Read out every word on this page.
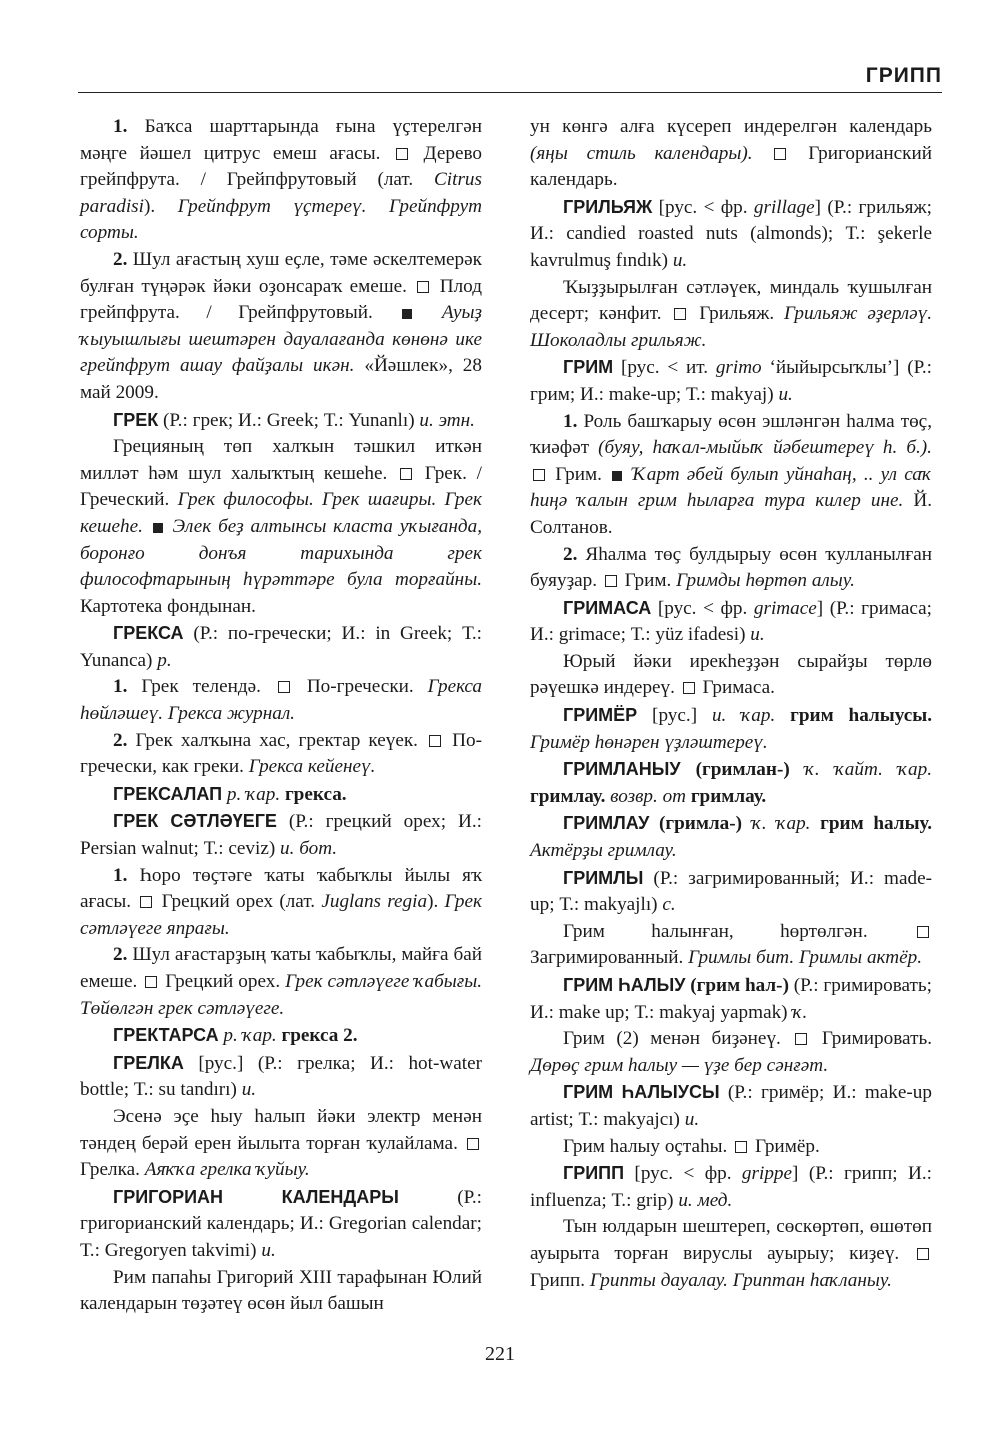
ГРИПП

1. Баҡса шарттарында ғына үҫтерелгән мәңге йәшел цитрус емеш ағасы.  Дерево грейпфрута. / Грейпфрутовый (лат. Citrus paradisi). Грейпфрут үҫтереү. Грейпфрут сорты.

2. Шул ағастың хуш еҫле, тәме әскелтемерәк булған түңәрәк йәки оҙонсараҡ емеше.  Плод грейпфрута. / Грейпфрутовый.  Ауыҙ ҡыуышлығы шештәрен дауалағанда көнөнә ике грейпфрут ашау файҙалы икән. «Йәшлек», 28 май 2009.

ГРЕК (Р.: грек; И.: Greek; Т.: Yunanlı) и. этн.

Грецияның төп халҡын тәшкил иткән милләт һәм шул халыҡтың кешеһе.  Грек. / Греческий. Грек философы. Грек шағиры. Грек кешеһе. Элек беҙ алтынсы класта уҡығанда, боронғо донъя тарихында грек философтарының һүрәттәре була торғайны. Картотека фондынан.

ГРЕКСА (Р.: по-гречески; И.: in Greek; Т.: Yunanca) р.

1. Грек телендә.  По-гречески. Грекса һөйләшеү. Грекса журнал.

2. Грек халҡына хас, гректар кеүек.  По-гречески, как греки. Грекса кейенеү.

ГРЕКСАЛАП р. ҡар. грекса.

ГРЕК СӘТЛӘҮЕГЕ (Р.: грецкий орех; И.: Persian walnut; Т.: ceviz) и. бот.

1. Һоро төҫтәге ҡаты ҡабыҡлы йылы яҡ ағасы.  Грецкий орех (лат. Juglans regia). Грек сәтләүеге япрағы.

2. Шул ағастарҙың ҡаты ҡабыҡлы, майға бай емеше.  Грецкий орех. Грек сәтләүеге ҡабығы. Төйөлгән грек сәтләүеге.

ГРЕКТАРСА р. ҡар. грекса 2.

ГРЕЛКА [рус.] (Р.: грелка; И.: hot-water bottle; Т.: su tandırı) и.

Эсенә эҫе һыу һалып йәки электр менән тәндең берәй ерен йылыта торған ҡулайлама.  Грелка. Аяҡҡа грелка ҡуйыу.

ГРИГОРИАН КАЛЕНДАРЫ (Р.: григорианский календарь; И.: Gregorian calendar; Т.: Gregoryen takvimi) и.

Рим папаһы Григорий XIII тарафынан Юлий календарын төҙәтеү өсөн йыл башын

ун көнгә алға күсереп индерелгән календарь (яңы стиль календары).  Григорианский календарь.

ГРИЛЬЯЖ [рус. < фр. grillage] (Р.: грильяж; И.: candied roasted nuts (almonds); Т.: şekerle kavrulmuş fındık) и.

Ҡыҙҙырылған сәтләүек, миндаль ҡушылған десерт; кәнфит.  Грильяж. Грильяж әҙерләү. Шоколадлы грильяж.

ГРИМ [рус. < ит. grimo ‘йыйырсыҡлы’] (Р.: грим; И.: make-up; Т.: makyaj) и.

1. Роль башҡарыу өсөн эшләнгән һалма төҫ, ҡиәфәт (буяу, һаҡал-мыйыҡ йәбештереү һ. б.).  Грим.  Ҡарт әбей булып уйнаһаң, .. ул саҡ һиңә ҡалын грим һыларға тура килер ине. Й. Солтанов.

2. Яһалма төҫ булдырыу өсөн ҡулланылған буяуҙар.  Грим. Гримды һөртөп алыу.

ГРИМАСА [рус. < фр. grimace] (Р.: гримаса; И.: grimace; Т.: yüz ifadesi) и.

Юрый йәки ирекһеҙҙән сырайҙы төрлө рәүешкә индереү.  Гримаса.

ГРИМЁР [рус.] и. ҡар. грим һалыусы. Гримёр һөнәрен үҙләштереү.

ГРИМЛАНЫУ (гримлан-) ҡ. ҡайт. ҡар. гримлау. возвр. от гримлау.

ГРИМЛАУ (гримла-) ҡ. ҡар. грим һалыу. Актёрҙы гримлау.

ГРИМЛЫ (Р.: загримированный; И.: made-up; Т.: makyajlı) с.

Грим һалынған, һөртөлгән.  Загримированный. Гримлы бит. Гримлы актёр.

ГРИМ ҺАЛЫУ (грим һал-) (Р.: гримировать; И.: make up; Т.: makyaj yapmak) ҡ.

Грим (2) менән биҙәнеү.  Гримировать. Дөрөҫ грим һалыу — үҙе бер сәнғәт.

ГРИМ ҺАЛЫУСЫ (Р.: гримёр; И.: make-up artist; Т.: makyajcı) и.

Грим һалыу оҫтаһы.  Гримёр.

ГРИПП [рус. < фр. grippe] (Р.: грипп; И.: influenza; Т.: grip) и. мед.

Тын юлдарын шештереп, сөскөртөп, өшөтөп ауырыта торған вируслы ауырыу; киҙеү.  Грипп. Грипты дауалау. Гриптан һаҡланыу.

221
